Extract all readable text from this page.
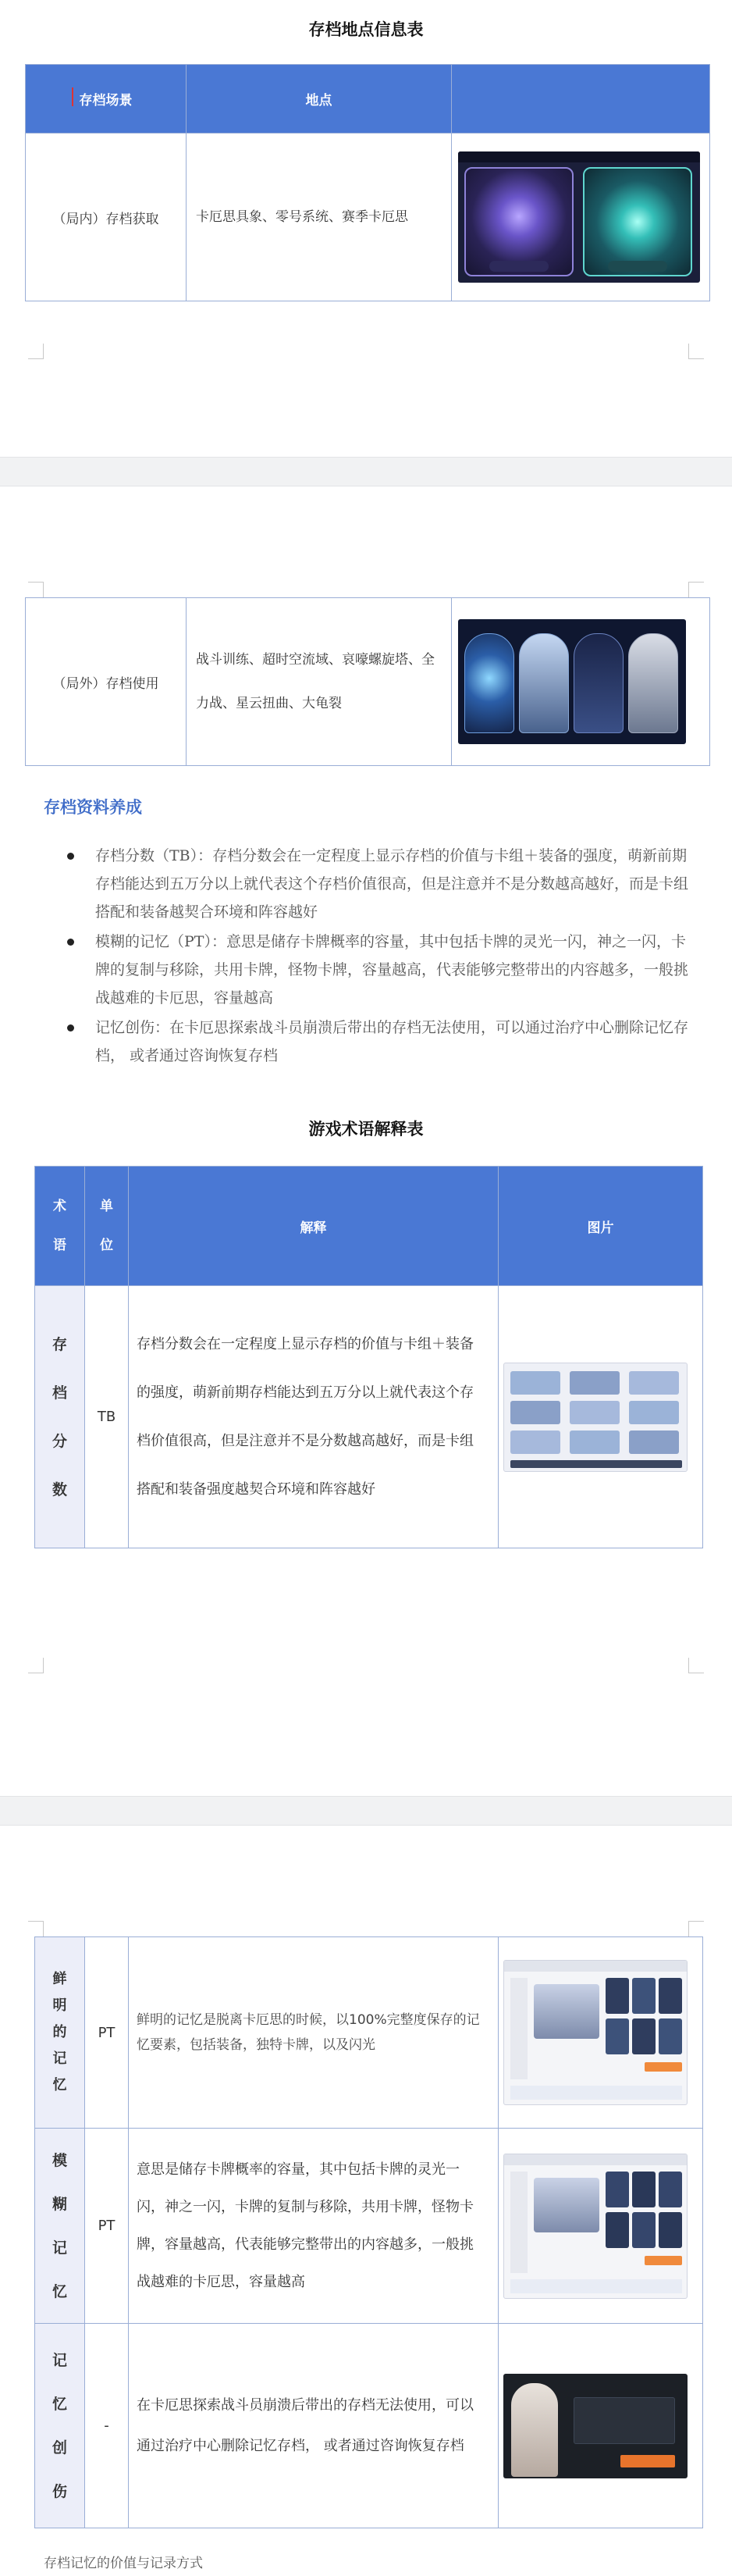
存档地点信息表
存档场景	地点	
（局内）存档获取	卡厄思具象、零号系统、赛季卡厄思	
（局外）存档使用	战斗训练、超时空流域、哀嚎螺旋塔、全力战、星云扭曲、大龟裂	
存档资料养成
存档分数（TB）：存档分数会在一定程度上显示存档的价值与卡组＋装备的强度，萌新前期存档能达到五万分以上就代表这个存档价值很高，但是注意并不是分数越高越好，而是卡组搭配和装备越契合环境和阵容越好
模糊的记忆（PT）：意思是储存卡牌概率的容量，其中包括卡牌的灵光一闪，神之一闪，卡牌的复制与移除，共用卡牌，怪物卡牌，容量越高，代表能够完整带出的内容越多，一般挑战越难的卡厄思，容量越高
记忆创伤：在卡厄思探索战斗员崩溃后带出的存档无法使用，可以通过治疗中心删除记忆存档， 或者通过咨询恢复存档
游戏术语解释表
术语	单位	解释	图片
存档分数	TB	存档分数会在一定程度上显示存档的价值与卡组＋装备的强度，萌新前期存档能达到五万分以上就代表这个存档价值很高，但是注意并不是分数越高越好，而是卡组搭配和装备强度越契合环境和阵容越好	
鲜明的记忆	PT	鲜明的记忆是脱离卡厄思的时候，以100%完整度保存的记忆要素，包括装备，独特卡牌，以及闪光	

模糊记忆	PT	意思是储存卡牌概率的容量，其中包括卡牌的灵光一闪，神之一闪，卡牌的复制与移除，共用卡牌，怪物卡牌，容量越高，代表能够完整带出的内容越多，一般挑战越难的卡厄思，容量越高	

记忆创伤	-	在卡厄思探索战斗员崩溃后带出的存档无法使用，可以通过治疗中心删除记忆存档， 或者通过咨询恢复存档	
存档记忆的价值与记录方式
